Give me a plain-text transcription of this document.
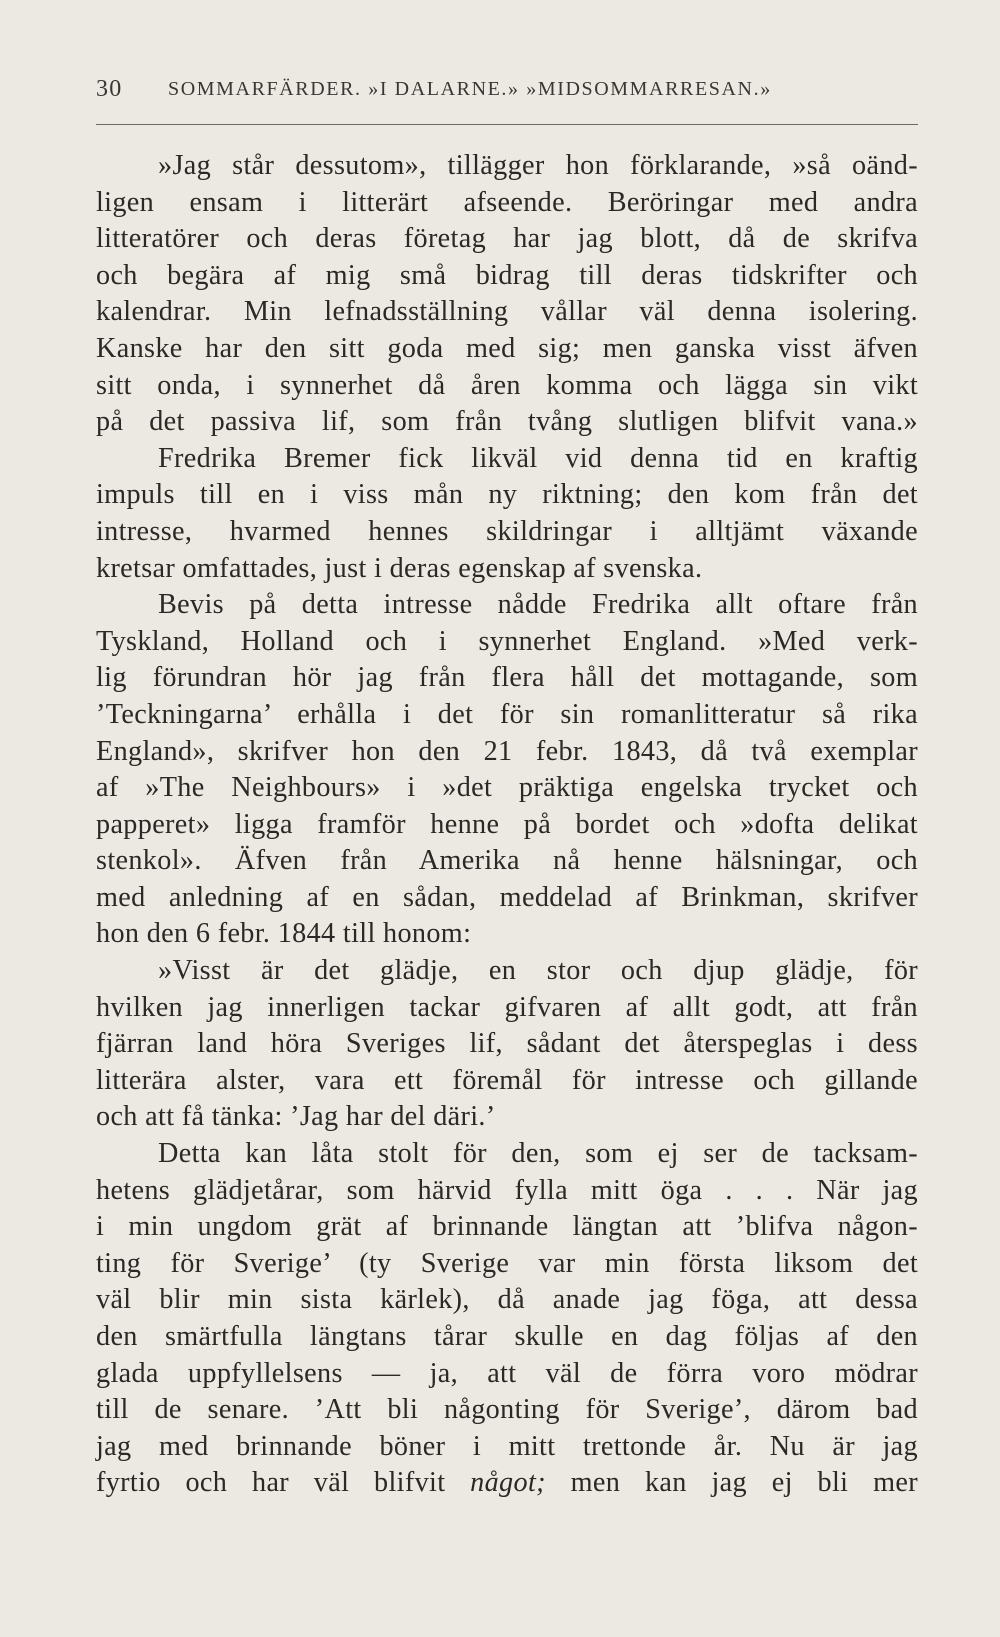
30 SOMMARFÄRDER. »I DALARNE.» »MIDSOMMARRESAN.»
»Jag står dessutom», tillägger hon förklarande, »så oänd-
ligen ensam i litterärt afseende. Beröringar med andra
litteratörer och deras företag har jag blott, då de skrifva
och begära af mig små bidrag till deras tidskrifter och
kalendrar. Min lefnadsställning vållar väl denna isolering.
Kanske har den sitt goda med sig; men ganska visst äfven
sitt onda, i synnerhet då åren komma och lägga sin vikt
på det passiva lif, som från tvång slutligen blifvit vana.»
Fredrika Bremer fick likväl vid denna tid en kraftig
impuls till en i viss mån ny riktning; den kom från det
intresse, hvarmed hennes skildringar i alltjämt växande
kretsar omfattades, just i deras egenskap af svenska.
Bevis på detta intresse nådde Fredrika allt oftare från
Tyskland, Holland och i synnerhet England. »Med verk-
lig förundran hör jag från flera håll det mottagande, som
’Teckningarna’ erhålla i det för sin romanlitteratur så rika
England», skrifver hon den 21 febr. 1843, då två exemplar
af »The Neighbours» i »det präktiga engelska trycket och
papperet» ligga framför henne på bordet och »dofta delikat
stenkol». Äfven från Amerika nå henne hälsningar, och
med anledning af en sådan, meddelad af Brinkman, skrifver
hon den 6 febr. 1844 till honom:
»Visst är det glädje, en stor och djup glädje, för
hvilken jag innerligen tackar gifvaren af allt godt, att från
fjärran land höra Sveriges lif, sådant det återspeglas i dess
litterära alster, vara ett föremål för intresse och gillande
och att få tänka: ’Jag har del däri.’
Detta kan låta stolt för den, som ej ser de tacksam-
hetens glädjetårar, som härvid fylla mitt öga . . . När jag
i min ungdom grät af brinnande längtan att ’blifva någon-
ting för Sverige’ (ty Sverige var min första liksom det
väl blir min sista kärlek), då anade jag föga, att dessa
den smärtfulla längtans tårar skulle en dag följas af den
glada uppfyllelsens — ja, att väl de förra voro mödrar
till de senare. ’Att bli någonting för Sverige’, därom bad
jag med brinnande böner i mitt trettonde år. Nu är jag
fyrtio och har väl blifvit något; men kan jag ej bli mer
